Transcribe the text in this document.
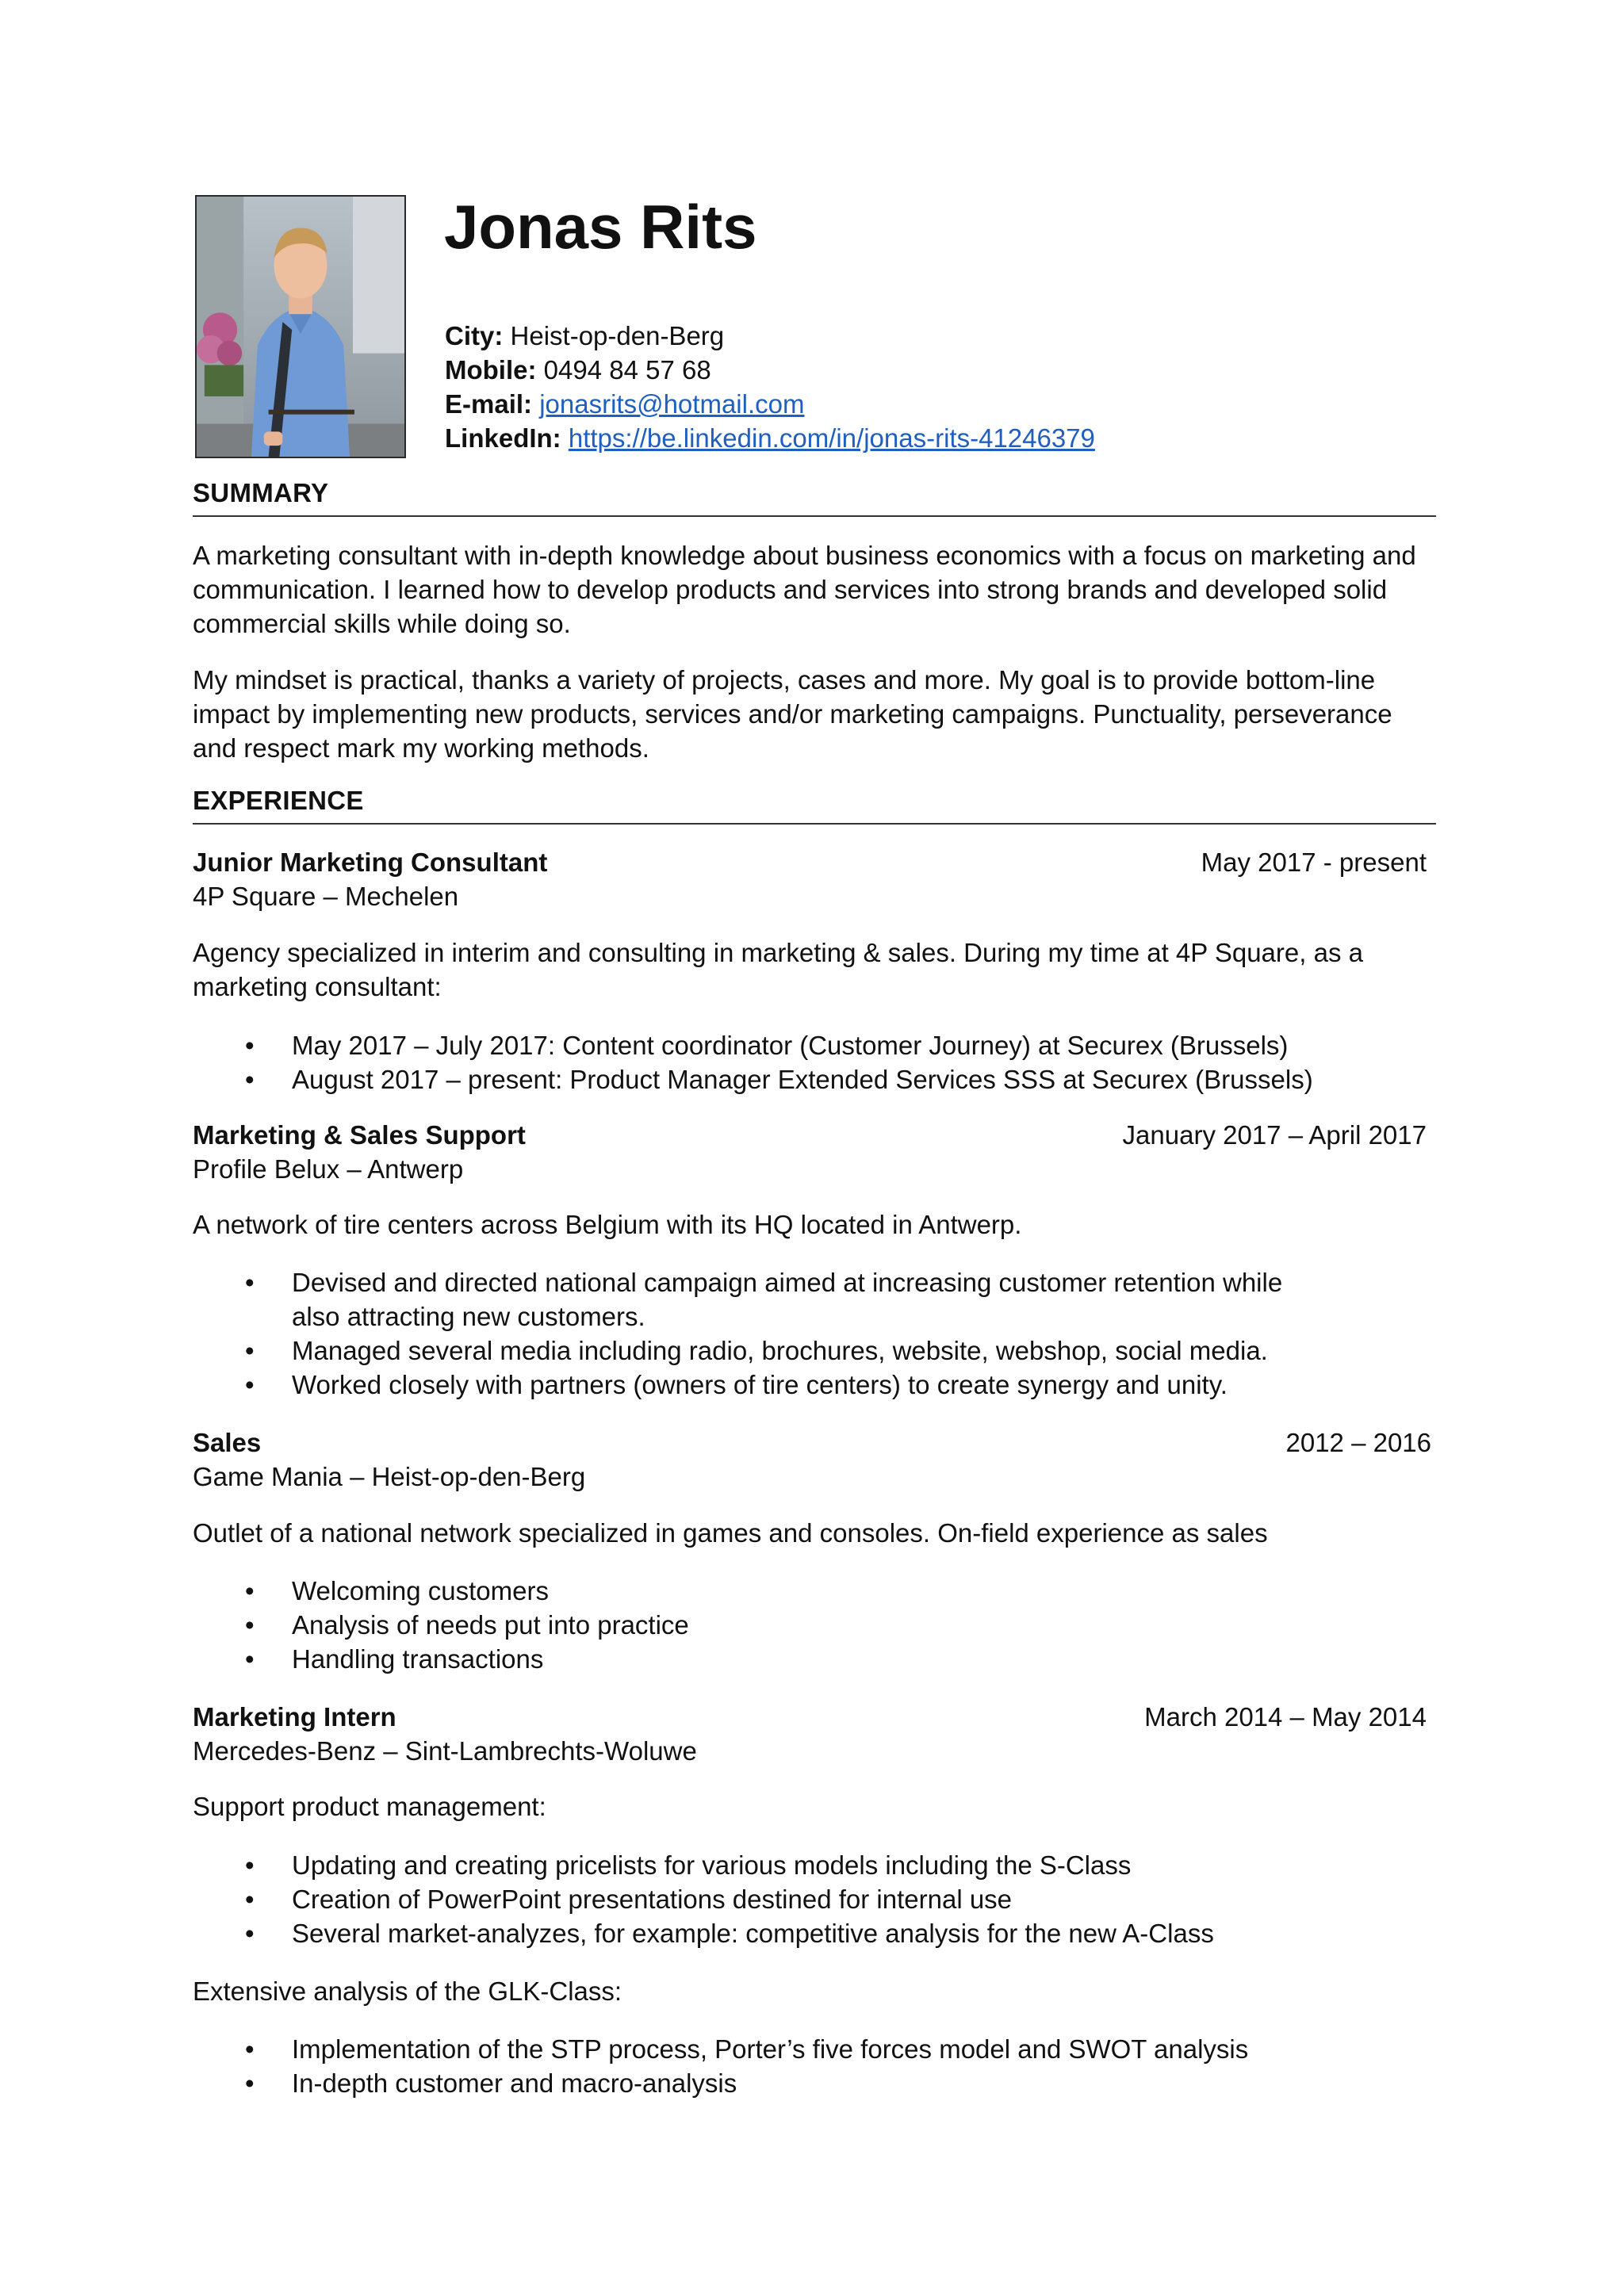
Jonas Rits
City: Heist-op-den-Berg
Mobile: 0494 84 57 68
E-mail: jonasrits@hotmail.com
LinkedIn: https://be.linkedin.com/in/jonas-rits-41246379
SUMMARY

A marketing consultant with in-depth knowledge about business economics with a focus on marketing and communication. I learned how to develop products and services into strong brands and developed solid commercial skills while doing so.

My mindset is practical, thanks a variety of projects, cases and more. My goal is to provide bottom-line impact by implementing new products, services and/or marketing campaigns. Punctuality, perseverance and respect mark my working methods.

EXPERIENCE
Junior Marketing Consultant	May 2017 - present
4P Square – Mechelen

Agency specialized in interim and consulting in marketing & sales. During my time at 4P Square, as a marketing consultant:

• May 2017 – July 2017: Content coordinator (Customer Journey) at Securex (Brussels)
• August 2017 – present: Product Manager Extended Services SSS at Securex (Brussels)
Marketing & Sales Support	January 2017 – April 2017
Profile Belux – Antwerp

A network of tire centers across Belgium with its HQ located in Antwerp.

• Devised and directed national campaign aimed at increasing customer retention while also attracting new customers.
• Managed several media including radio, brochures, website, webshop, social media.
• Worked closely with partners (owners of tire centers) to create synergy and unity.
Sales	2012 – 2016
Game Mania – Heist-op-den-Berg

Outlet of a national network specialized in games and consoles. On-field experience as sales

• Welcoming customers
• Analysis of needs put into practice
• Handling transactions
Marketing Intern	March 2014 – May 2014
Mercedes-Benz – Sint-Lambrechts-Woluwe

Support product management:

• Updating and creating pricelists for various models including the S-Class
• Creation of PowerPoint presentations destined for internal use
• Several market-analyzes, for example: competitive analysis for the new A-Class

Extensive analysis of the GLK-Class:

• Implementation of the STP process, Porter’s five forces model and SWOT analysis
• In-depth customer and macro-analysis
